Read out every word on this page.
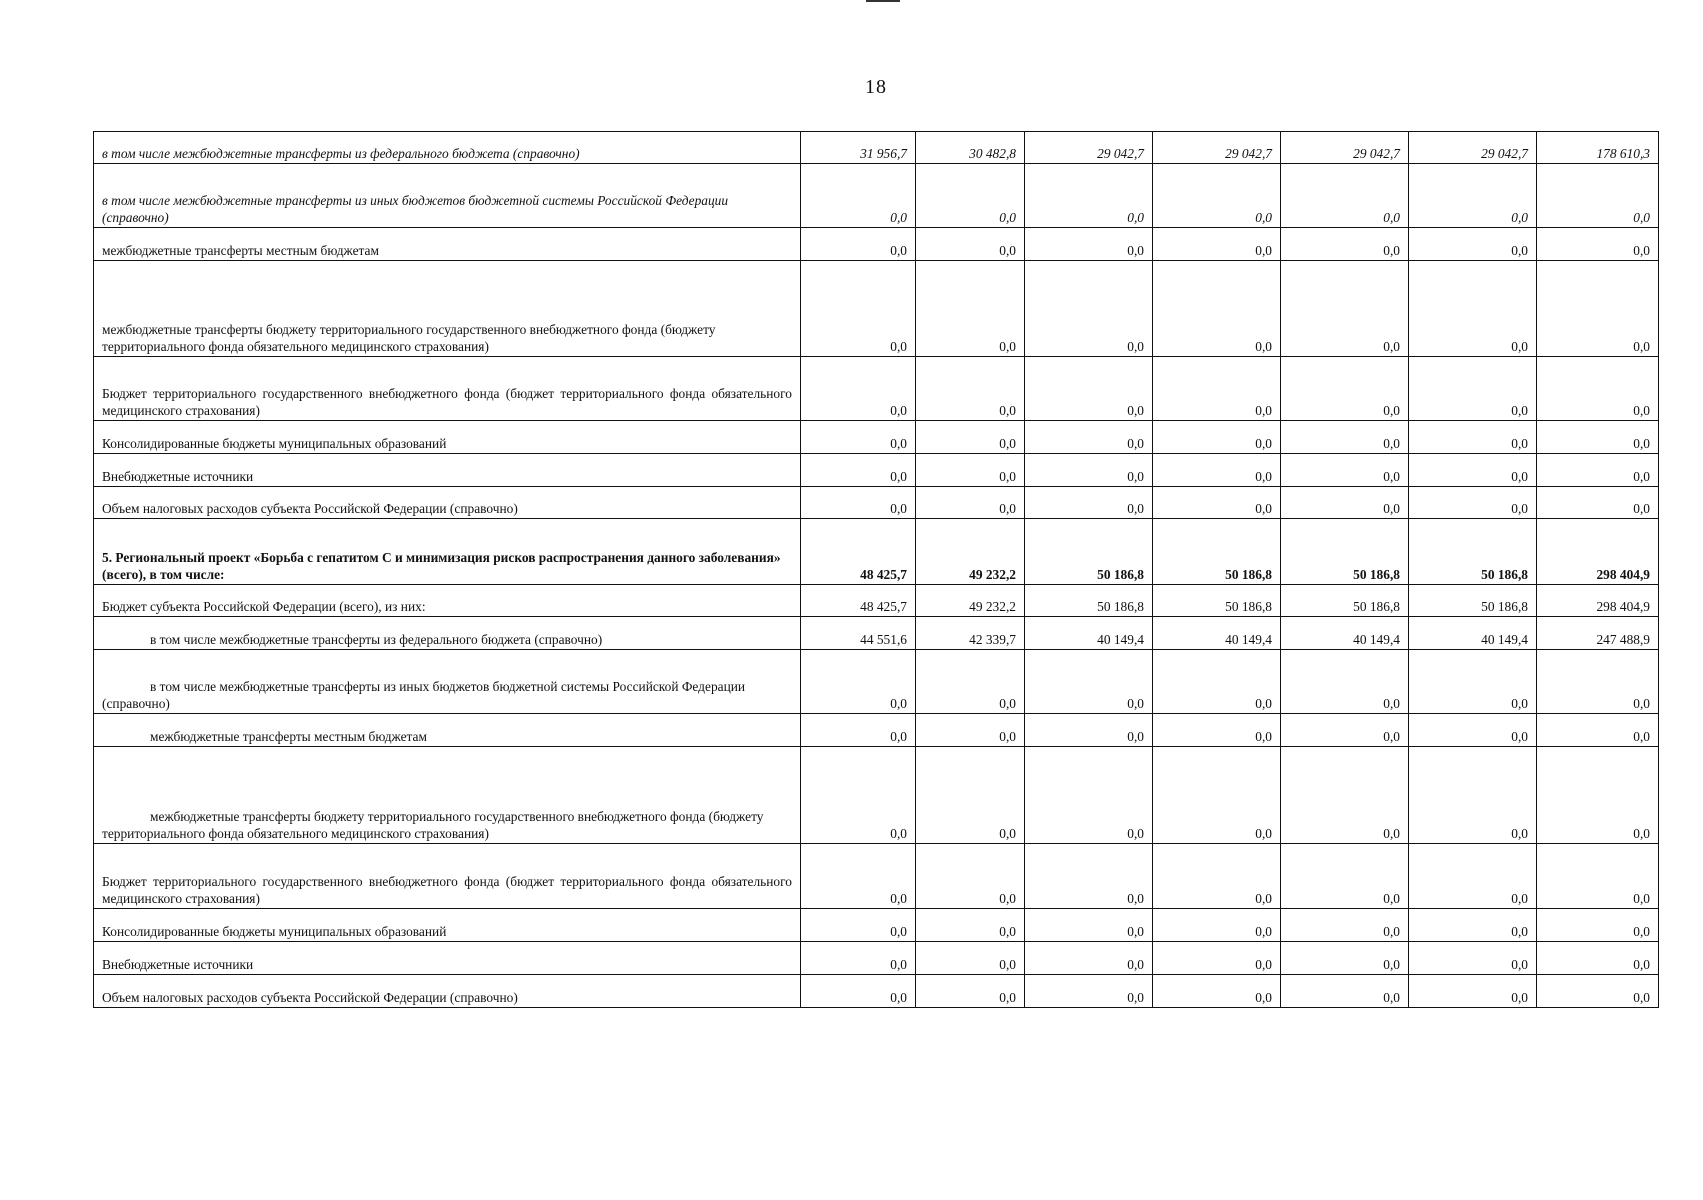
18
в том числе межбюджетные трансферты из федерального бюджета (справочно)	31 956,7	30 482,8	29 042,7	29 042,7	29 042,7	29 042,7	178 610,3
в том числе межбюджетные трансферты из иных бюджетов бюджетной системы Российской Федерации (справочно)	0,0	0,0	0,0	0,0	0,0	0,0	0,0
межбюджетные трансферты местным бюджетам	0,0	0,0	0,0	0,0	0,0	0,0	0,0
межбюджетные трансферты бюджету территориального государственного внебюджетного фонда (бюджету территориального фонда обязательного медицинского страхования)	0,0	0,0	0,0	0,0	0,0	0,0	0,0
Бюджет территориального государственного внебюджетного фонда (бюджет территориального фонда обязательного медицинского страхования)	0,0	0,0	0,0	0,0	0,0	0,0	0,0
Консолидированные бюджеты муниципальных образований	0,0	0,0	0,0	0,0	0,0	0,0	0,0
Внебюджетные источники	0,0	0,0	0,0	0,0	0,0	0,0	0,0
Объем налоговых расходов субъекта Российской Федерации (справочно)	0,0	0,0	0,0	0,0	0,0	0,0	0,0
5. Региональный проект «Борьба с гепатитом С и минимизация рисков распространения данного заболевания» (всего), в том числе:	48 425,7	49 232,2	50 186,8	50 186,8	50 186,8	50 186,8	298 404,9
Бюджет субъекта Российской Федерации (всего), из них:	48 425,7	49 232,2	50 186,8	50 186,8	50 186,8	50 186,8	298 404,9
в том числе межбюджетные трансферты из федерального бюджета (справочно)	44 551,6	42 339,7	40 149,4	40 149,4	40 149,4	40 149,4	247 488,9
в том числе межбюджетные трансферты из иных бюджетов бюджетной системы Российской Федерации (справочно)	0,0	0,0	0,0	0,0	0,0	0,0	0,0
межбюджетные трансферты местным бюджетам	0,0	0,0	0,0	0,0	0,0	0,0	0,0
межбюджетные трансферты бюджету территориального государственного внебюджетного фонда (бюджету территориального фонда обязательного медицинского страхования)	0,0	0,0	0,0	0,0	0,0	0,0	0,0
Бюджет территориального государственного внебюджетного фонда (бюджет территориального фонда обязательного медицинского страхования)	0,0	0,0	0,0	0,0	0,0	0,0	0,0
Консолидированные бюджеты муниципальных образований	0,0	0,0	0,0	0,0	0,0	0,0	0,0
Внебюджетные источники	0,0	0,0	0,0	0,0	0,0	0,0	0,0
Объем налоговых расходов субъекта Российской Федерации (справочно)	0,0	0,0	0,0	0,0	0,0	0,0	0,0
